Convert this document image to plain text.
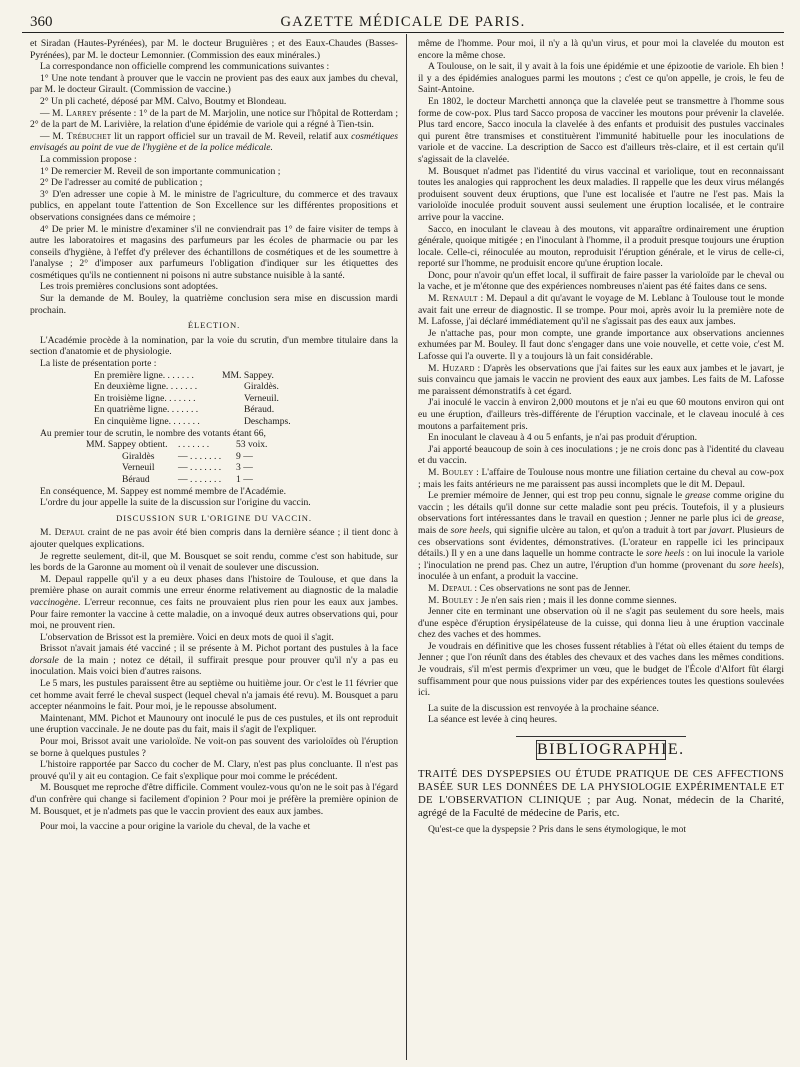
360	GAZETTE MÉDICALE DE PARIS.

et Siradan (Hautes-Pyrénées), par M. le docteur Bruguières ; et des Eaux-Chaudes (Basses-Pyrénées), par M. le docteur Lemonnier. (Commission des eaux minérales.)

La correspondance non officielle comprend les communications suivantes :

1° Une note tendant à prouver que le vaccin ne provient pas des eaux aux jambes du cheval, par M. le docteur Girault. (Commission de vaccine.)

2° Un pli cacheté, déposé par MM. Calvo, Boutmy et Blondeau.

— M. Larrey présente : 1° de la part de M. Marjolin, une notice sur l'hôpital de Rotterdam ; 2° de la part de M. Larivière, la relation d'une épidémie de variole qui a régné à Tien-tsin.

— M. Trébuchet lit un rapport officiel sur un travail de M. Reveil, relatif aux cosmétiques envisagés au point de vue de l'hygiène et de la police médicale.

La commission propose :

1° De remercier M. Reveil de son importante communication ;

2° De l'adresser au comité de publication ;

3° D'en adresser une copie à M. le ministre de l'agriculture, du commerce et des travaux publics, en appelant toute l'attention de Son Excellence sur les différentes propositions et observations consignées dans ce mémoire ;

4° De prier M. le ministre d'examiner s'il ne conviendrait pas 1° de faire visiter de temps à autre les laboratoires et magasins des parfumeurs par les écoles de pharmacie ou par les conseils d'hygiène, à l'effet d'y prélever des échantillons de cosmétiques et de les soumettre à l'analyse ; 2° d'imposer aux parfumeurs l'obligation d'indiquer sur les étiquettes des cosmétiques qu'ils ne contiennent ni poisons ni autre substance nuisible à la santé.

Les trois premières conclusions sont adoptées.

Sur la demande de M. Bouley, la quatrième conclusion sera mise en discussion mardi prochain.

ÉLECTION.

L'Académie procède à la nomination, par la voie du scrutin, d'un membre titulaire dans la section d'anatomie et de physiologie.

La liste de présentation porte :

En première ligne. . . . . . .	MM. Sappey.
En deuxième ligne. . . . . . .	Giraldès.
En troisième ligne. . . . . . .	Verneuil.
En quatrième ligne. . . . . . .	Béraud.
En cinquième ligne. . . . . . .	Deschamps.

Au premier tour de scrutin, le nombre des votants étant 66,

MM. Sappey obtient.	. . . . . . .	53 voix.
Giraldès	— . . . . . . .	9 —
Verneuil	— . . . . . . .	3 —
Béraud	— . . . . . . .	1 —

En conséquence, M. Sappey est nommé membre de l'Académie.

L'ordre du jour appelle la suite de la discussion sur l'origine du vaccin.

DISCUSSION SUR L'ORIGINE DU VACCIN.

M. Depaul craint de ne pas avoir été bien compris dans la dernière séance ; il tient donc à ajouter quelques explications.

Je regrette seulement, dit-il, que M. Bousquet se soit rendu, comme c'est son habitude, sur les bords de la Garonne au moment où il venait de soulever une discussion.

M. Depaul rappelle qu'il y a eu deux phases dans l'histoire de Toulouse, et que dans la première phase on aurait commis une erreur énorme relativement au diagnostic de la maladie vaccinogène. L'erreur reconnue, ces faits ne prouvaient plus rien pour les eaux aux jambes. Pour faire remonter la vaccine à cette maladie, on a invoqué deux autres observations qui, pour moi, ne prouvent rien.

L'observation de Brissot est la première. Voici en deux mots de quoi il s'agit.

Brissot n'avait jamais été vacciné ; il se présente à M. Pichot portant des pustules à la face dorsale de la main ; notez ce détail, il suffirait presque pour prouver qu'il n'y a pas eu inoculation. Mais voici bien d'autres raisons.

Le 5 mars, les pustules paraissent être au septième ou huitième jour. Or c'est le 11 février que cet homme avait ferré le cheval suspect (lequel cheval n'a jamais été revu). M. Bousquet a paru accepter néanmoins le fait. Pour moi, je le repousse absolument.

Maintenant, MM. Pichot et Maunoury ont inoculé le pus de ces pustules, et ils ont reproduit une éruption vaccinale. Je ne doute pas du fait, mais il s'agit de l'expliquer.

Pour moi, Brissot avait une varioloïde. Ne voit-on pas souvent des varioloïdes où l'éruption se borne à quelques pustules ?

L'histoire rapportée par Sacco du cocher de M. Clary, n'est pas plus concluante. Il n'est pas prouvé qu'il y ait eu contagion. Ce fait s'explique pour moi comme le précédent.

M. Bousquet me reproche d'être difficile. Comment voulez-vous qu'on ne le soit pas à l'égard d'un confrère qui change si facilement d'opinion ? Pour moi je préfère la première opinion de M. Bousquet, et je n'admets pas que le vaccin provient des eaux aux jambes.

Pour moi, la vaccine a pour origine la variole du cheval, de la vache et

même de l'homme. Pour moi, il n'y a là qu'un virus, et pour moi la clavelée du mouton est encore la même chose.

A Toulouse, on le sait, il y avait à la fois une épidémie et une épizootie de variole. Eh bien ! il y a des épidémies analogues parmi les moutons ; c'est ce qu'on appelle, je crois, le feu de Saint-Antoine.

En 1802, le docteur Marchetti annonça que la clavelée peut se transmettre à l'homme sous forme de cow-pox. Plus tard Sacco proposa de vacciner les moutons pour prévenir la clavelée. Plus tard encore, Sacco inocula la clavelée à des enfants et produisit des pustules vaccinales qui purent être transmises et constituèrent l'immunité habituelle pour les inoculations de variole et de vaccine. La description de Sacco est d'ailleurs très-claire, et il est certain qu'il s'agissait de la clavelée.

M. Bousquet n'admet pas l'identité du virus vaccinal et variolique, tout en reconnaissant toutes les analogies qui rapprochent les deux maladies. Il rappelle que les deux virus mélangés produisent souvent deux éruptions, que l'une est localisée et l'autre ne l'est pas. Mais la varioloïde inoculée produit souvent aussi seulement une éruption localisée, et le contraire arrive pour la vaccine.

Sacco, en inoculant le claveau à des moutons, vit apparaître ordinairement une éruption générale, quoique mitigée ; en l'inoculant à l'homme, il a produit presque toujours une éruption locale. Celle-ci, réinoculée au mouton, reproduisit l'éruption générale, et le virus de celle-ci, reporté sur l'homme, ne produisit encore qu'une éruption locale.

Donc, pour n'avoir qu'un effet local, il suffirait de faire passer la varioloïde par le cheval ou la vache, et je m'étonne que des expériences nombreuses n'aient pas été faites dans ce sens.

M. Renault : M. Depaul a dit qu'avant le voyage de M. Leblanc à Toulouse tout le monde avait fait une erreur de diagnostic. Il se trompe. Pour moi, après avoir lu la première note de M. Lafosse, j'ai déclaré immédiatement qu'il ne s'agissait pas des eaux aux jambes.

Je n'attache pas, pour mon compte, une grande importance aux observations anciennes exhumées par M. Bouley. Il faut donc s'engager dans une voie nouvelle, et cette voie, c'est M. Lafosse qui l'a ouverte. Il y a toujours là un fait considérable.

M. Huzard : D'après les observations que j'ai faites sur les eaux aux jambes et le javart, je suis convaincu que jamais le vaccin ne provient des eaux aux jambes. Les faits de M. Lafosse me paraissent démonstratifs à cet égard.

J'ai inoculé le vaccin à environ 2,000 moutons et je n'ai eu que 60 moutons environ qui ont eu une éruption, d'ailleurs très-différente de l'éruption vaccinale, et le claveau inoculé à ces moutons a parfaitement pris.

En inoculant le claveau à 4 ou 5 enfants, je n'ai pas produit d'éruption.

J'ai apporté beaucoup de soin à ces inoculations ; je ne crois donc pas à l'identité du claveau et du vaccin.

M. Bouley : L'affaire de Toulouse nous montre une filiation certaine du cheval au cow-pox ; mais les faits antérieurs ne me paraissent pas aussi incomplets que le dit M. Depaul.

Le premier mémoire de Jenner, qui est trop peu connu, signale le grease comme origine du vaccin ; les détails qu'il donne sur cette maladie sont peu précis. Toutefois, il y a plusieurs observations fort intéressantes dans le travail en question ; Jenner ne parle plus ici de grease, mais de sore heels, qui signifie ulcère au talon, et qu'on a traduit à tort par javart. Plusieurs de ces observations sont évidentes, démonstratives. (L'orateur en rappelle ici les principaux détails.) Il y en a une dans laquelle un homme contracte le sore heels : on lui inocule la variole ; l'inoculation ne prend pas. Chez un autre, l'éruption d'un homme (provenant du sore heels), inoculée à un enfant, a produit la vaccine.

M. Depaul : Ces observations ne sont pas de Jenner.

M. Bouley : Je n'en sais rien ; mais il les donne comme siennes.

Jenner cite en terminant une observation où il ne s'agit pas seulement du sore heels, mais d'une espèce d'éruption érysipélateuse de la cuisse, qui donna lieu à une éruption vaccinale chez des vaches et des hommes.

Je voudrais en définitive que les choses fussent rétablies à l'état où elles étaient du temps de Jenner ; que l'on réunît dans des étables des chevaux et des vaches dans les mêmes conditions. Je voudrais, s'il m'est permis d'exprimer un vœu, que le budget de l'École d'Alfort fût élargi suffisamment pour que nous puissions vider par des expériences toutes les questions soulevées ici.

La suite de la discussion est renvoyée à la prochaine séance.

La séance est levée à cinq heures.

BIBLIOGRAPHIE.

TRAITÉ DES DYSPEPSIES OU ÉTUDE PRATIQUE DE CES AFFECTIONS BASÉE SUR LES DONNÉES DE LA PHYSIOLOGIE EXPÉRIMENTALE ET DE L'OBSERVATION CLINIQUE ; par Aug. Nonat, médecin de la Charité, agrégé de la Faculté de médecine de Paris, etc.

Qu'est-ce que la dyspepsie ? Pris dans le sens étymologique, le mot
